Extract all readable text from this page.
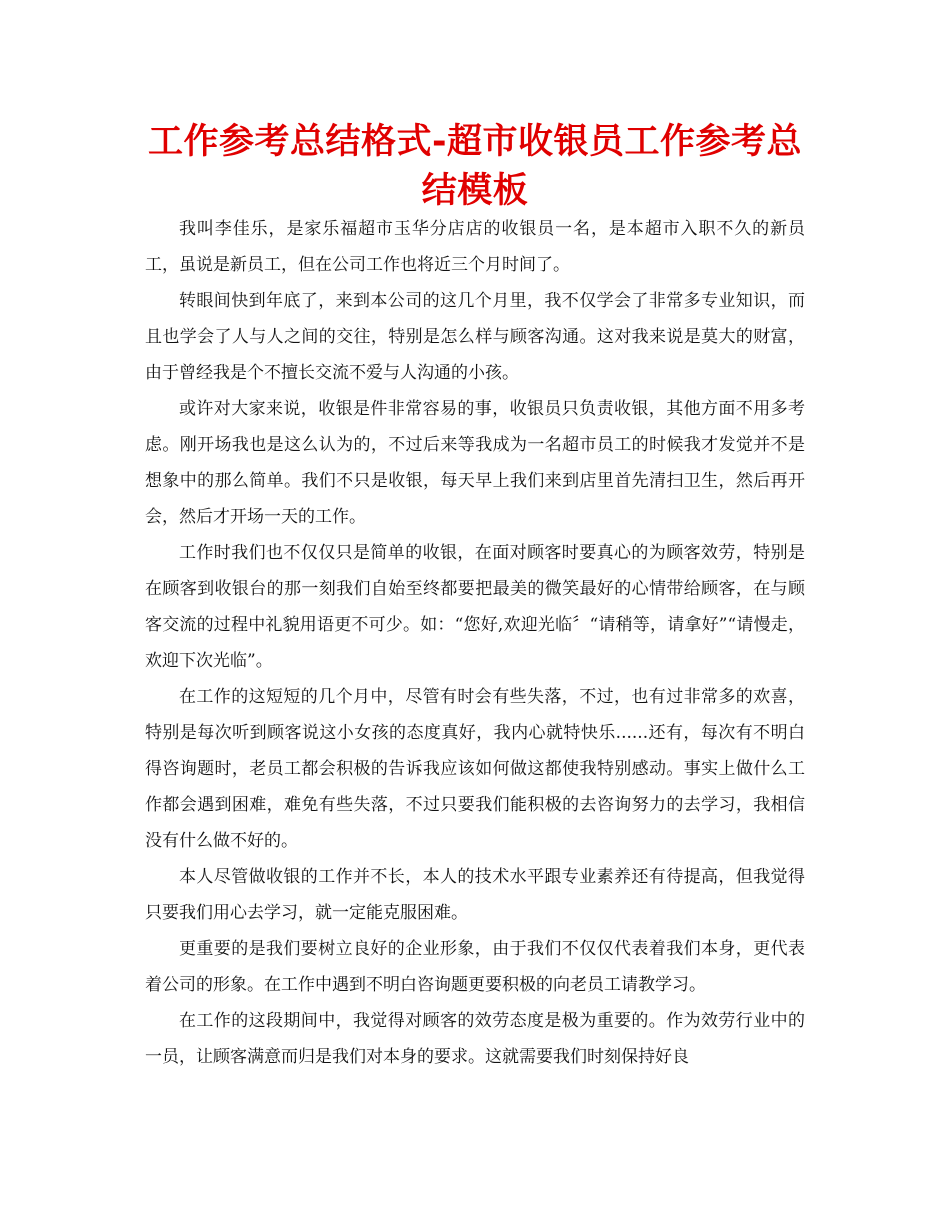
工作参考总结格式-超市收银员工作参考总结模板

我叫李佳乐，是家乐福超市玉华分店店的收银员一名，是本超市入职不久的新员工，虽说是新员工，但在公司工作也将近三个月时间了。

转眼间快到年底了，来到本公司的这几个月里，我不仅学会了非常多专业知识，而且也学会了人与人之间的交往，特别是怎么样与顾客沟通。这对我来说是莫大的财富，由于曾经我是个不擅长交流不爱与人沟通的小孩。

或许对大家来说，收银是件非常容易的事，收银员只负责收银，其他方面不用多考虑。刚开场我也是这么认为的，不过后来等我成为一名超市员工的时候我才发觉并不是想象中的那么简单。我们不只是收银，每天早上我们来到店里首先清扫卫生，然后再开会，然后才开场一天的工作。

工作时我们也不仅仅只是简单的收银，在面对顾客时要真心的为顾客效劳，特别是在顾客到收银台的那一刻我们自始至终都要把最美的微笑最好的心情带给顾客，在与顾客交流的过程中礼貌用语更不可少。如：“您好,欢迎光临〞“请稍等，请拿好”“请慢走，欢迎下次光临”。

在工作的这短短的几个月中，尽管有时会有些失落，不过，也有过非常多的欢喜，特别是每次听到顾客说这小女孩的态度真好，我内心就特快乐......还有，每次有不明白得咨询题时，老员工都会积极的告诉我应该如何做这都使我特别感动。事实上做什么工作都会遇到困难，难免有些失落，不过只要我们能积极的去咨询努力的去学习，我相信没有什么做不好的。

本人尽管做收银的工作并不长，本人的技术水平跟专业素养还有待提高，但我觉得只要我们用心去学习，就一定能克服困难。

更重要的是我们要树立良好的企业形象，由于我们不仅仅代表着我们本身，更代表着公司的形象。在工作中遇到不明白咨询题更要积极的向老员工请教学习。

在工作的这段期间中，我觉得对顾客的效劳态度是极为重要的。作为效劳行业中的一员，让顾客满意而归是我们对本身的要求。这就需要我们时刻保持好良
